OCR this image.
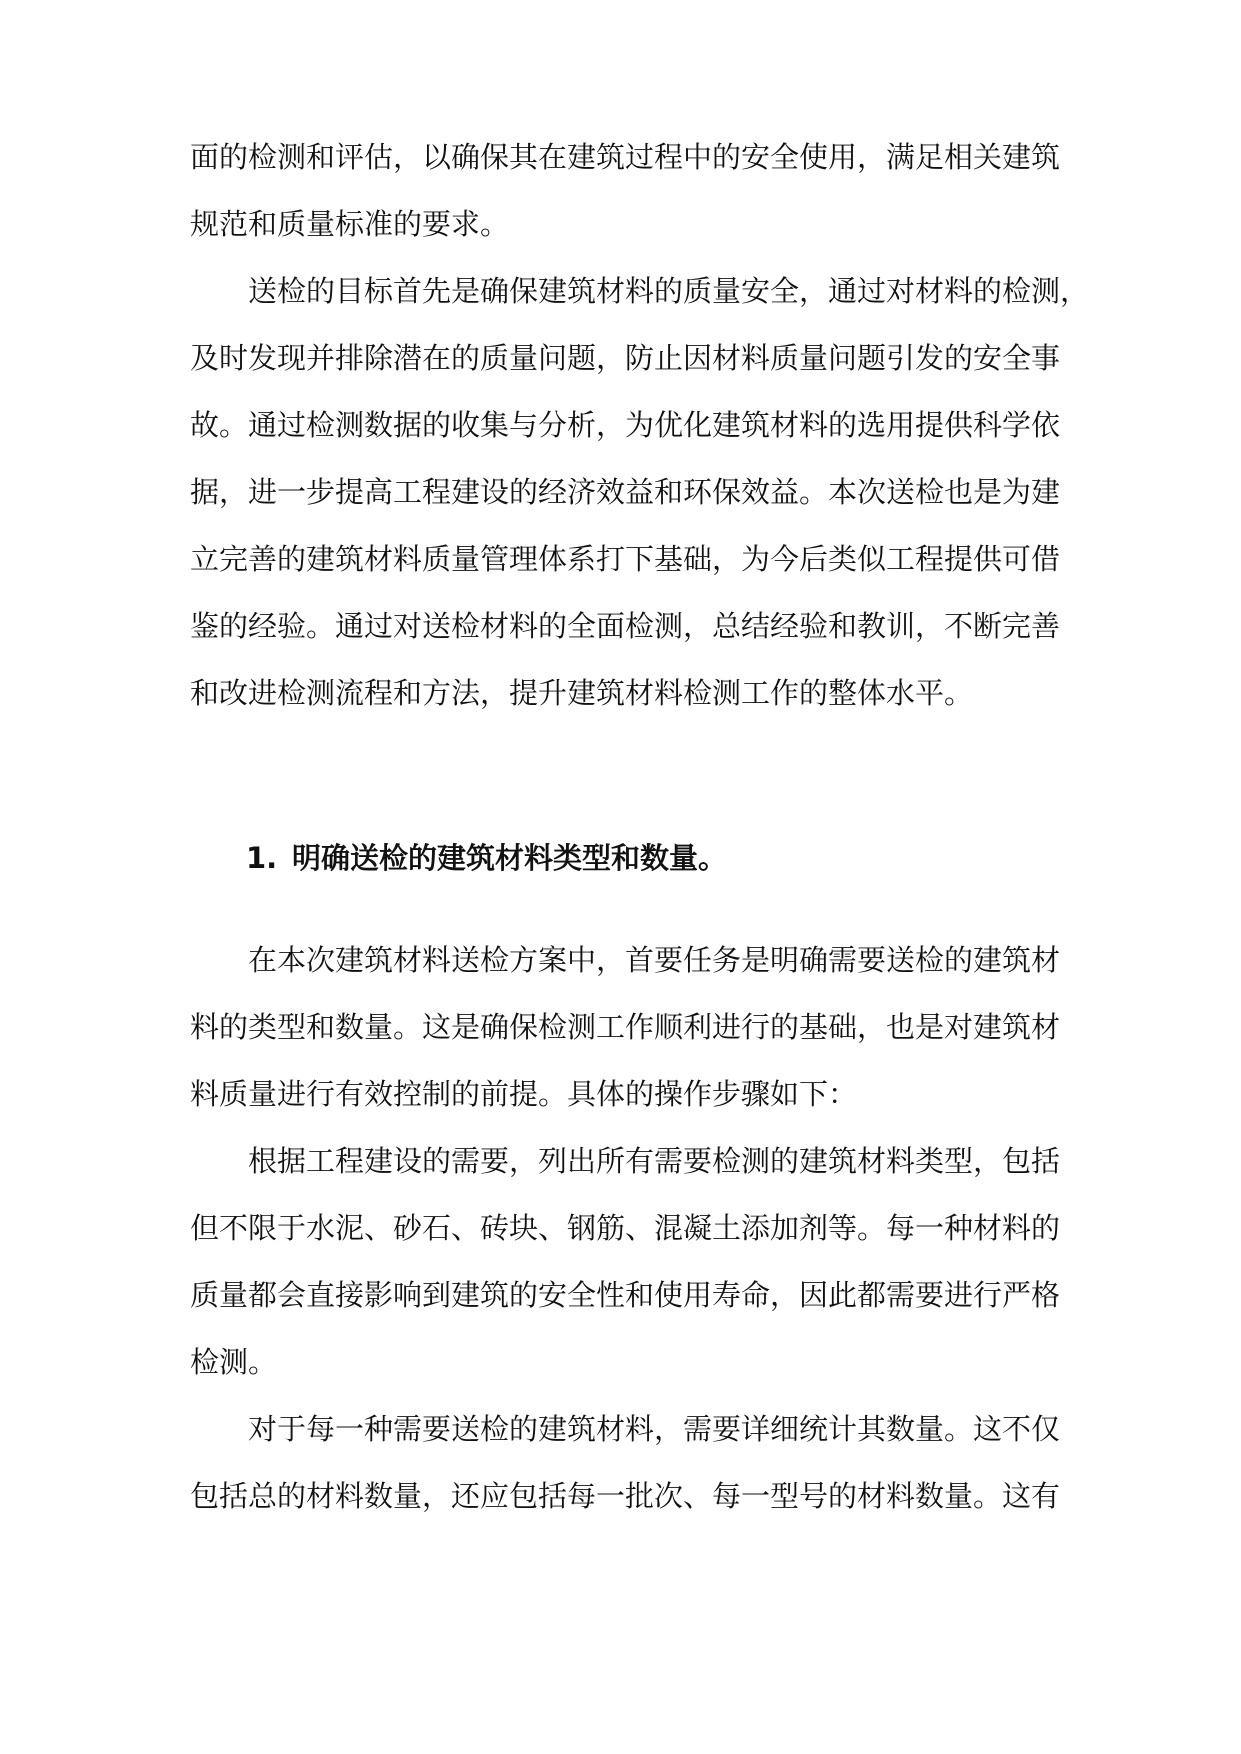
面的检测和评估，以确保其在建筑过程中的安全使用，满足相关建筑

规范和质量标准的要求。

送检的目标首先是确保建筑材料的质量安全，通过对材料的检测，

及时发现并排除潜在的质量问题，防止因材料质量问题引发的安全事

故。通过检测数据的收集与分析，为优化建筑材料的选用提供科学依

据，进一步提高工程建设的经济效益和环保效益。本次送检也是为建

立完善的建筑材料质量管理体系打下基础，为今后类似工程提供可借

鉴的经验。通过对送检材料的全面检测，总结经验和教训，不断完善

和改进检测流程和方法，提升建筑材料检测工作的整体水平。

1. 明确送检的建筑材料类型和数量。

在本次建筑材料送检方案中，首要任务是明确需要送检的建筑材

料的类型和数量。这是确保检测工作顺利进行的基础，也是对建筑材

料质量进行有效控制的前提。具体的操作步骤如下：

根据工程建设的需要，列出所有需要检测的建筑材料类型，包括

但不限于水泥、砂石、砖块、钢筋、混凝土添加剂等。每一种材料的

质量都会直接影响到建筑的安全性和使用寿命，因此都需要进行严格

检测。

对于每一种需要送检的建筑材料，需要详细统计其数量。这不仅

包括总的材料数量，还应包括每一批次、每一型号的材料数量。这有
